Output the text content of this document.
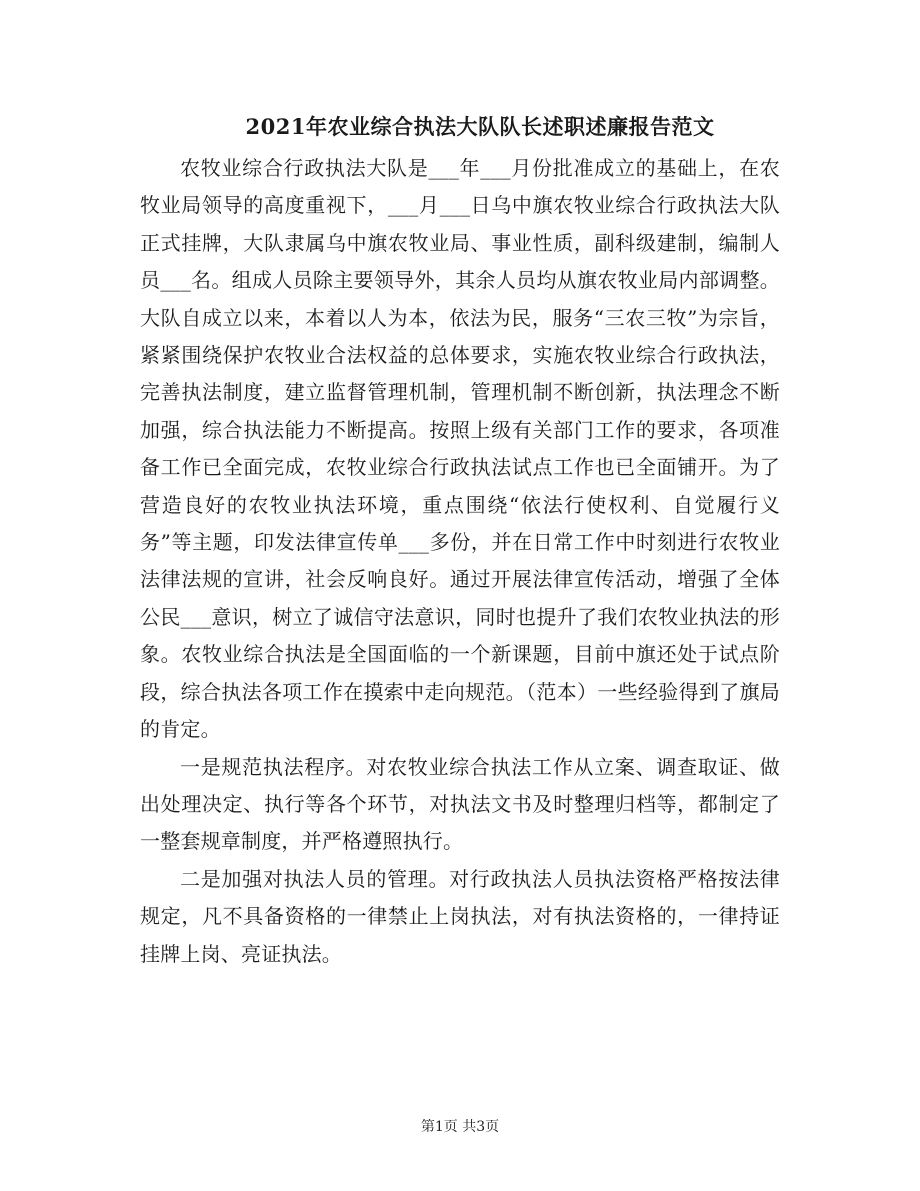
2021年农业综合执法大队队长述职述廉报告范文

农牧业综合行政执法大队是___年___月份批准成立的基础上，在农牧业局领导的高度重视下，___月___日乌中旗农牧业综合行政执法大队正式挂牌，大队隶属乌中旗农牧业局、事业性质，副科级建制，编制人员___名。组成人员除主要领导外，其余人员均从旗农牧业局内部调整。大队自成立以来，本着以人为本，依法为民，服务“三农三牧”为宗旨，紧紧围绕保护农牧业合法权益的总体要求，实施农牧业综合行政执法，完善执法制度，建立监督管理机制，管理机制不断创新，执法理念不断加强，综合执法能力不断提高。按照上级有关部门工作的要求，各项准备工作已全面完成，农牧业综合行政执法试点工作也已全面铺开。为了营造良好的农牧业执法环境，重点围绕“依法行使权利、自觉履行义务”等主题，印发法律宣传单___多份，并在日常工作中时刻进行农牧业法律法规的宣讲，社会反响良好。通过开展法律宣传活动，增强了全体公民___意识，树立了诚信守法意识，同时也提升了我们农牧业执法的形象。农牧业综合执法是全国面临的一个新课题，目前中旗还处于试点阶段，综合执法各项工作在摸索中走向规范。（范本）一些经验得到了旗局的肯定。

一是规范执法程序。对农牧业综合执法工作从立案、调查取证、做出处理决定、执行等各个环节，对执法文书及时整理归档等，都制定了一整套规章制度，并严格遵照执行。

二是加强对执法人员的管理。对行政执法人员执法资格严格按法律规定，凡不具备资格的一律禁止上岗执法，对有执法资格的，一律持证挂牌上岗、亮证执法。

第1页 共3页
